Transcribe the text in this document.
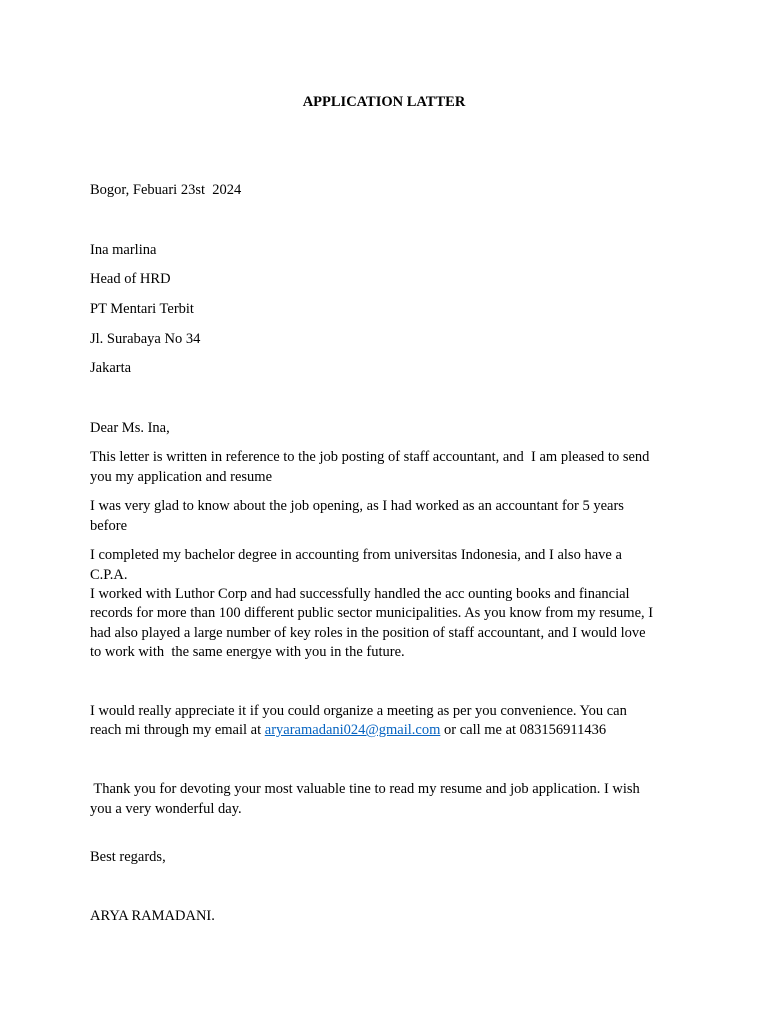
APPLICATION LATTER
Bogor, Febuari 23st  2024
Ina marlina
Head of HRD
PT Mentari Terbit
Jl. Surabaya No 34
Jakarta
Dear Ms. Ina,
This letter is written in reference to the job posting of staff accountant, and  I am pleased to send
you my application and resume
I was very glad to know about the job opening, as I had worked as an accountant for 5 years
before
I completed my bachelor degree in accounting from universitas Indonesia, and I also have a
C.P.A.
I worked with Luthor Corp and had successfully handled the acc ounting books and financial
records for more than 100 different public sector municipalities. As you know from my resume, I
had also played a large number of key roles in the position of staff accountant, and I would love
to work with  the same energye with you in the future.
I would really appreciate it if you could organize a meeting as per you convenience. You can
reach mi through my email at aryaramadani024@gmail.com or call me at 083156911436
Thank you for devoting your most valuable tine to read my resume and job application. I wish
you a very wonderful day.
Best regards,
ARYA RAMADANI.
